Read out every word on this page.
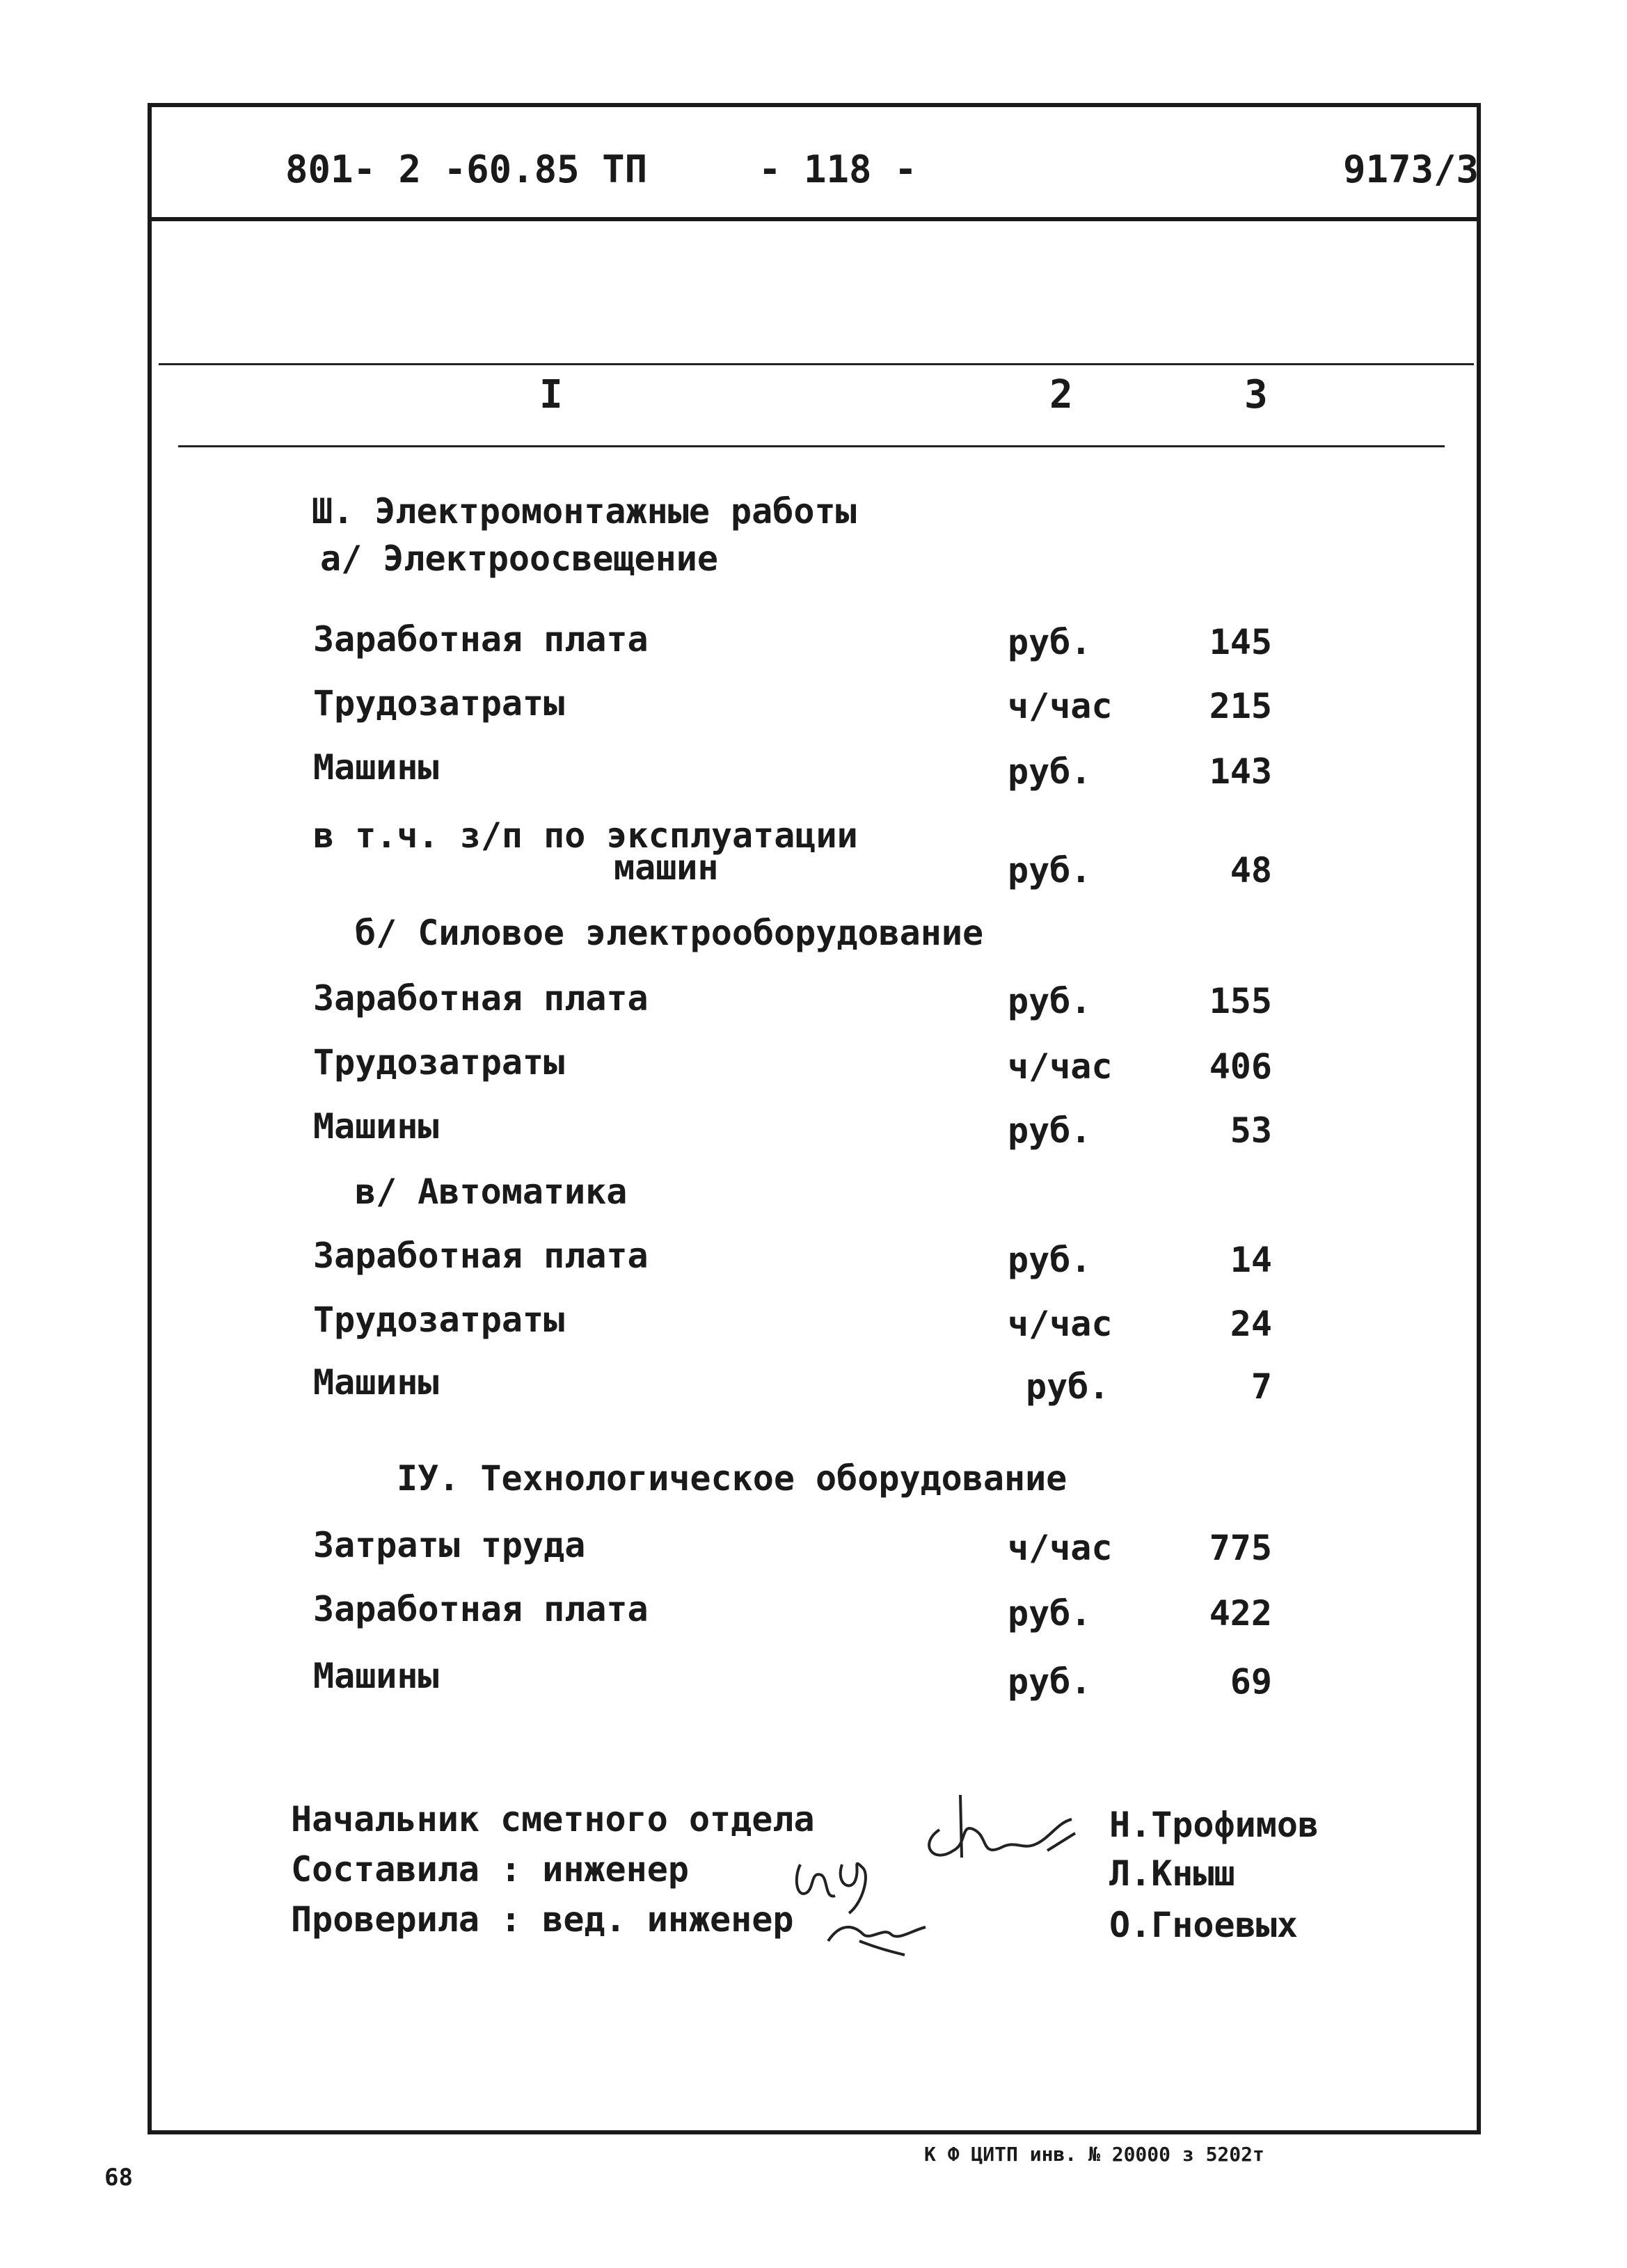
801- 2 -60.85 ТП	- 118 -	9173/3
I	2	3
Ш. Электромонтажные работы
а/ Электроосвещение
Заработная плата	руб.	145
Трудозатраты	ч/час	215
Машины	руб.	143
в т.ч. з/п по эксплуатации
машин	руб.	48
б/ Силовое электрооборудование
Заработная плата	руб.	155
Трудозатраты	ч/час	406
Машины	руб.	53
в/ Автоматика
Заработная плата	руб.	14
Трудозатраты	ч/час	24
Машины	руб.	7
IУ. Технологическое оборудование
Затраты труда	ч/час	775
Заработная плата	руб.	422
Машины	руб.	69
Начальник сметного отдела
Составила : инженер
Проверила : вед. инженер
Н.Трофимов
Л.Кныш
О.Гноевых
К Ф ЦИТП инв. № 20000 з 5202т
68
